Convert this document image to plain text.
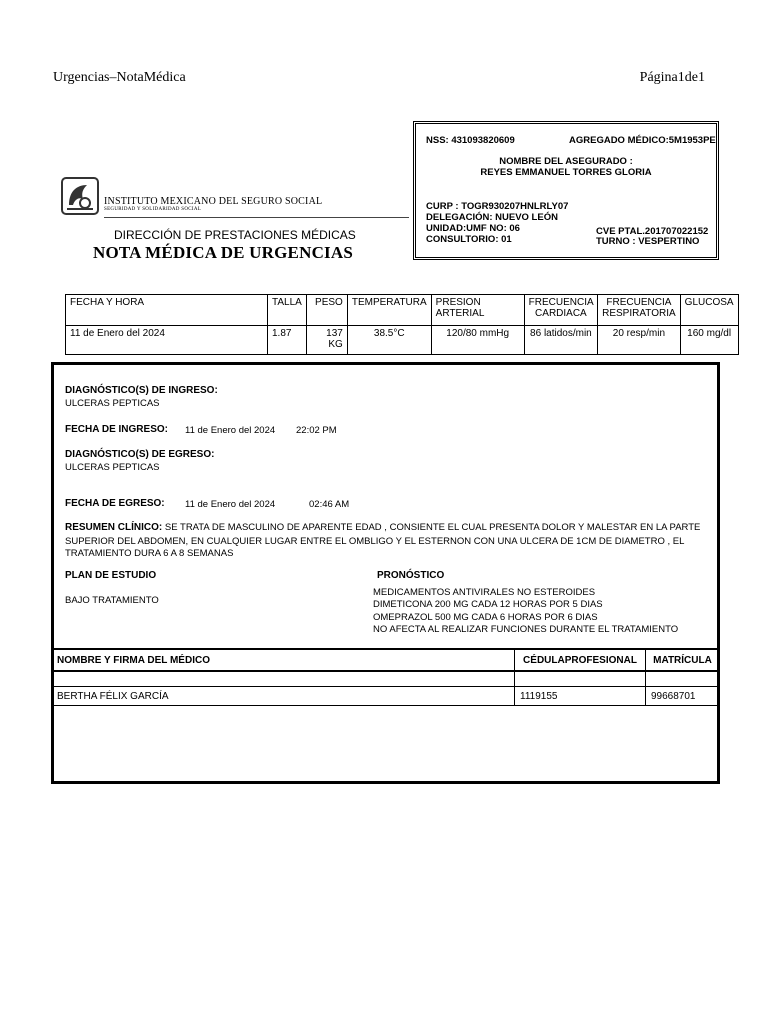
Urgencias–NotaMédica	Página1de1
NSS: 431093820609	AGREGADO MÉDICO:5M1953PE
NOMBRE DEL ASEGURADO :
REYES EMMANUEL TORRES GLORIA
CURP : TOGR930207HNLRLY07
DELEGACIÓN: NUEVO LEÓN
UNIDAD:UMF NO: 06
CONSULTORIO: 01
CVE PTAL.201707022152
TURNO : VESPERTINO
INSTITUTO MEXICANO DEL SEGURO SOCIAL
SEGURIDAD Y SOLIDARIDAD SOCIAL
DIRECCIÓN DE PRESTACIONES MÉDICAS
NOTA MÉDICA DE URGENCIAS
FECHA Y HORA	TALLA	PESO	TEMPERATURA	PRESION ARTERIAL	FRECUENCIA CARDIACA	FRECUENCIA RESPIRATORIA	GLUCOSA
11 de Enero del 2024	1.87	137 KG	38.5°C	120/80 mmHg	86 latidos/min	20 resp/min	160 mg/dl
DIAGNÓSTICO(S) DE INGRESO:
ULCERAS PEPTICAS
FECHA DE INGRESO: 11 de Enero del 2024 22:02 PM
DIAGNÓSTICO(S) DE EGRESO:
ULCERAS PEPTICAS
FECHA DE EGRESO: 11 de Enero del 2024	02:46 AM
RESUMEN CLÍNICO: SE TRATA DE MASCULINO DE APARENTE EDAD , CONSIENTE EL CUAL PRESENTA DOLOR Y MALESTAR EN LA PARTE
SUPERIOR DEL ABDOMEN, EN CUALQUIER LUGAR ENTRE EL OMBLIGO Y EL ESTERNON CON UNA ULCERA DE 1CM DE DIAMETRO , EL
TRATAMIENTO DURA 6 A 8 SEMANAS
PLAN DE ESTUDIO
BAJO TRATAMIENTO
PRONÓSTICO
MEDICAMENTOS ANTIVIRALES NO ESTEROIDES
DIMETICONA 200 MG CADA 12 HORAS POR 5 DIAS
OMEPRAZOL 500 MG CADA 6 HORAS POR 6 DIAS
NO AFECTA AL REALIZAR FUNCIONES DURANTE EL TRATAMIENTO
NOMBRE Y FIRMA DEL MÉDICO	CÉDULAPROFESIONAL	MATRÍCULA

BERTHA FÉLIX GARCÍA	1119155	99668701
